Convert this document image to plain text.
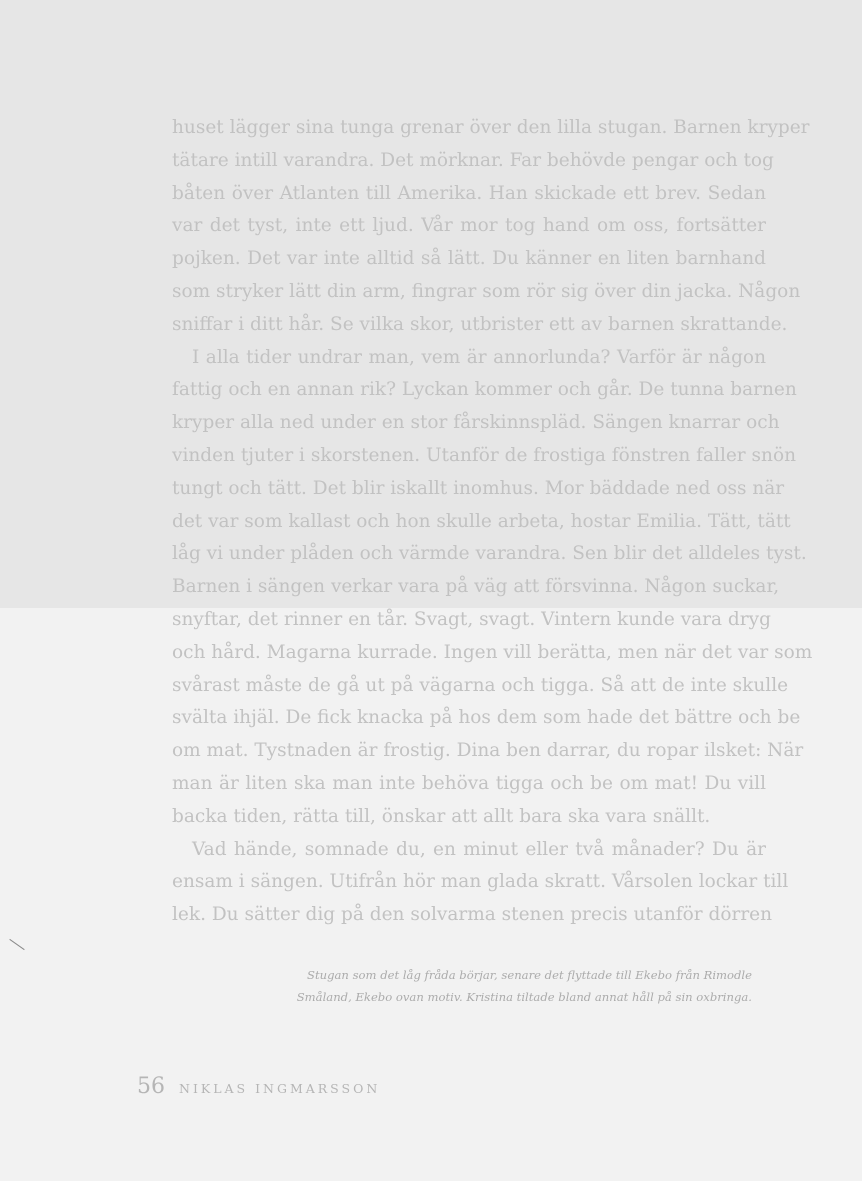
huset lägger sina tunga grenar över den lilla stugan. Barnen kryper
tätare intill varandra. Det mörknar. Far behövde pengar och tog
båten över Atlanten till Amerika. Han skickade ett brev. Sedan
var det tyst, inte ett ljud. Vår mor tog hand om oss, fortsätter
pojken. Det var inte alltid så lätt. Du känner en liten barnhand
som stryker lätt din arm, fingrar som rör sig över din jacka. Någon
sniffar i ditt hår. Se vilka skor, utbrister ett av barnen skrattande.
I alla tider undrar man, vem är annorlunda? Varför är någon
fattig och en annan rik? Lyckan kommer och går. De tunna barnen
kryper alla ned under en stor fårskinnspläd. Sängen knarrar och
vinden tjuter i skorstenen. Utanför de frostiga fönstren faller snön
tungt och tätt. Det blir iskallt inomhus. Mor bäddade ned oss när
det var som kallast och hon skulle arbeta, hostar Emilia. Tätt, tätt
låg vi under plåden och värmde varandra. Sen blir det alldeles tyst.
Barnen i sängen verkar vara på väg att försvinna. Någon suckar,
snyftar, det rinner en tår. Svagt, svagt. Vintern kunde vara dryg
och hård. Magarna kurrade. Ingen vill berätta, men när det var som
svårast måste de gå ut på vägarna och tigga. Så att de inte skulle
svälta ihjäl. De fick knacka på hos dem som hade det bättre och be
om mat. Tystnaden är frostig. Dina ben darrar, du ropar ilsket: När
man är liten ska man inte behöva tigga och be om mat! Du vill
backa tiden, rätta till, önskar att allt bara ska vara snällt.
Vad hände, somnade du, en minut eller två månader? Du är
ensam i sängen. Utifrån hör man glada skratt. Vårsolen lockar till
lek. Du sätter dig på den solvarma stenen precis utanför dörren
Stugan som det låg fråda börjar, senare det flyttade till Ekebo från Rimodle
Småland, Ekebo ovan motiv. Kristina tiltade bland annat håll på sin oxbringa.
56 NIKLAS INGMARSSON
